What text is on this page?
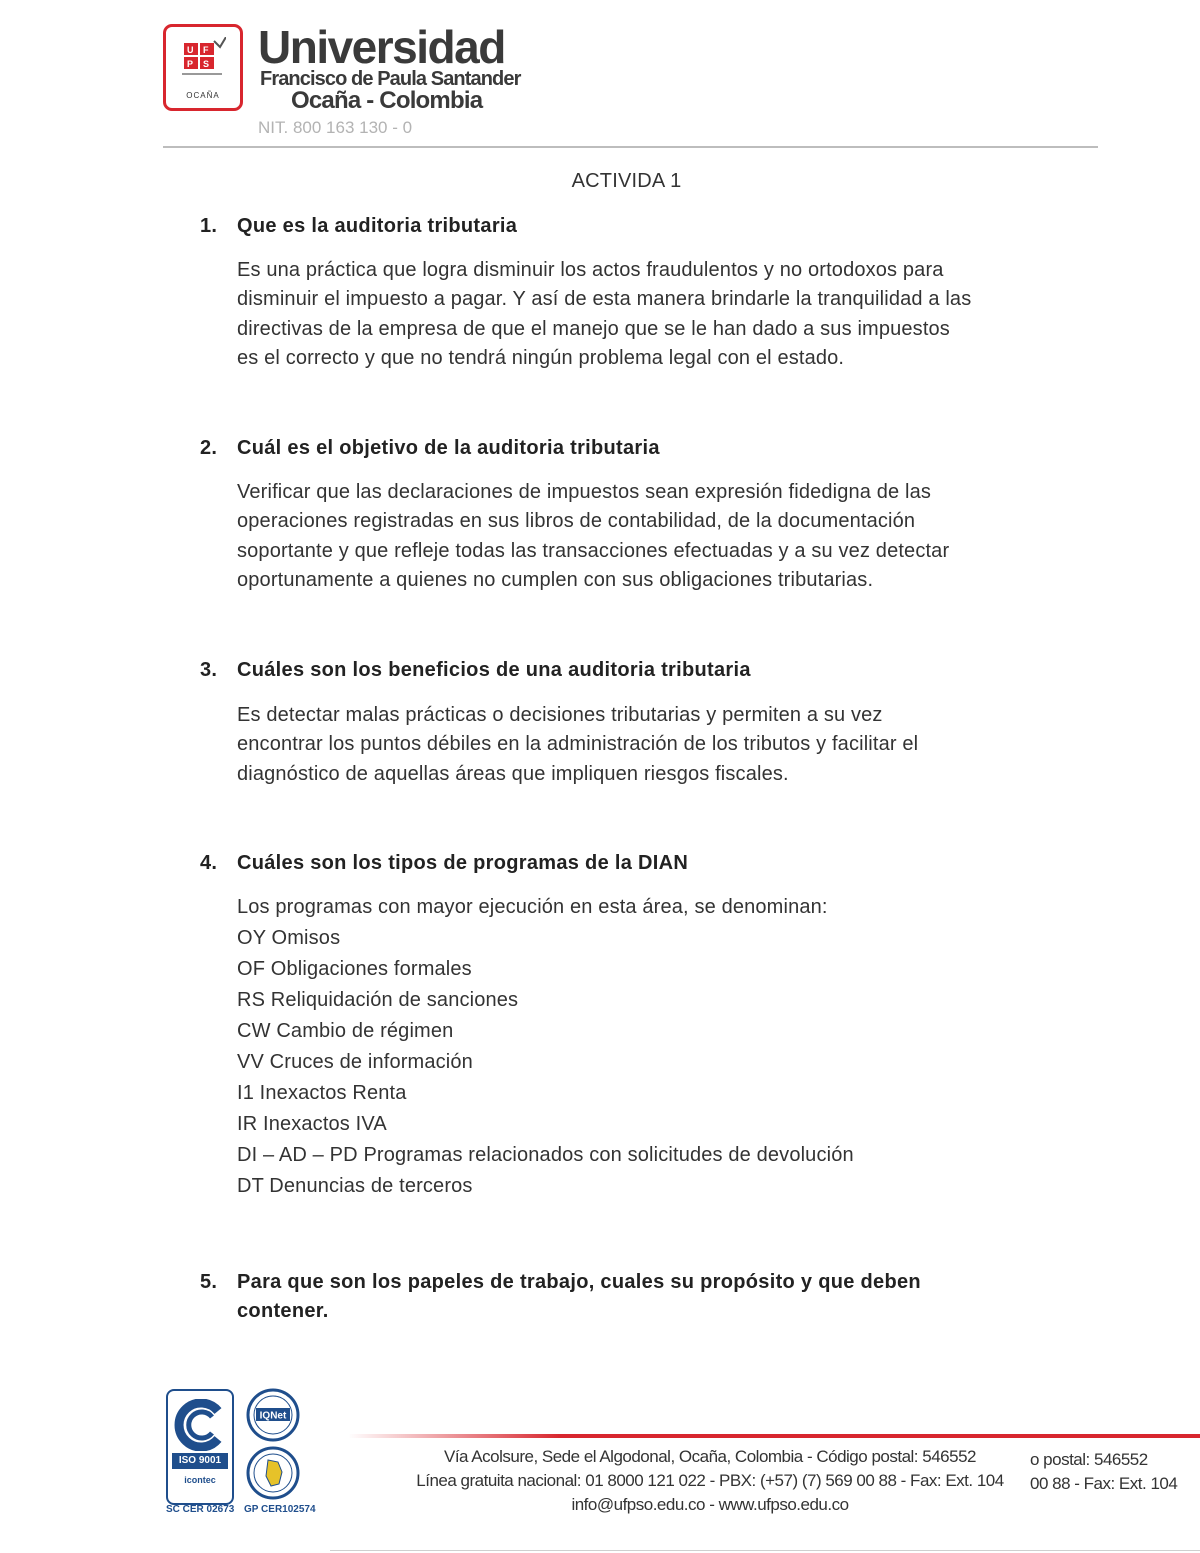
U F
P S
OCAÑA
Universidad
Francisco de Paula Santander
Ocaña - Colombia
NIT. 800 163 130 - 0
ACTIVIDA 1
1. Que es la auditoria tributaria
Es una práctica que logra disminuir los actos fraudulentos y no ortodoxos para
disminuir el impuesto a pagar. Y así de esta manera brindarle la tranquilidad a las
directivas de la empresa de que el manejo que se le han dado a sus impuestos
es el correcto y que no tendrá ningún problema legal con el estado.
2. Cuál es el objetivo de la auditoria tributaria
Verificar que las declaraciones de impuestos sean expresión fidedigna de las
operaciones registradas en sus libros de contabilidad, de la documentación
soportante y que refleje todas las transacciones efectuadas y a su vez detectar
oportunamente a quienes no cumplen con sus obligaciones tributarias.
3. Cuáles son los beneficios de una auditoria tributaria
Es detectar malas prácticas o decisiones tributarias y permiten a su vez
encontrar los puntos débiles en la administración de los tributos y facilitar el
diagnóstico de aquellas áreas que impliquen riesgos fiscales.
4. Cuáles son los tipos de programas de la DIAN
Los programas con mayor ejecución en esta área, se denominan:
OY Omisos
OF Obligaciones formales
RS Reliquidación de sanciones
CW Cambio de régimen
VV Cruces de información
I1 Inexactos Renta
IR Inexactos IVA
DI – AD – PD Programas relacionados con solicitudes de devolución
DT Denuncias de terceros
5. Para que son los papeles de trabajo, cuales su propósito y que deben
contener.
ISO 9001
icontec
IQNet
SC CER 02673 GP CER102574
Vía Acolsure, Sede el Algodonal, Ocaña, Colombia - Código postal: 546552
Línea gratuita nacional: 01 8000 121 022 - PBX: (+57) (7) 569 00 88 - Fax: Ext. 104
info@ufpso.edu.co - www.ufpso.edu.co
o postal: 546552
00 88 - Fax: Ext. 104
